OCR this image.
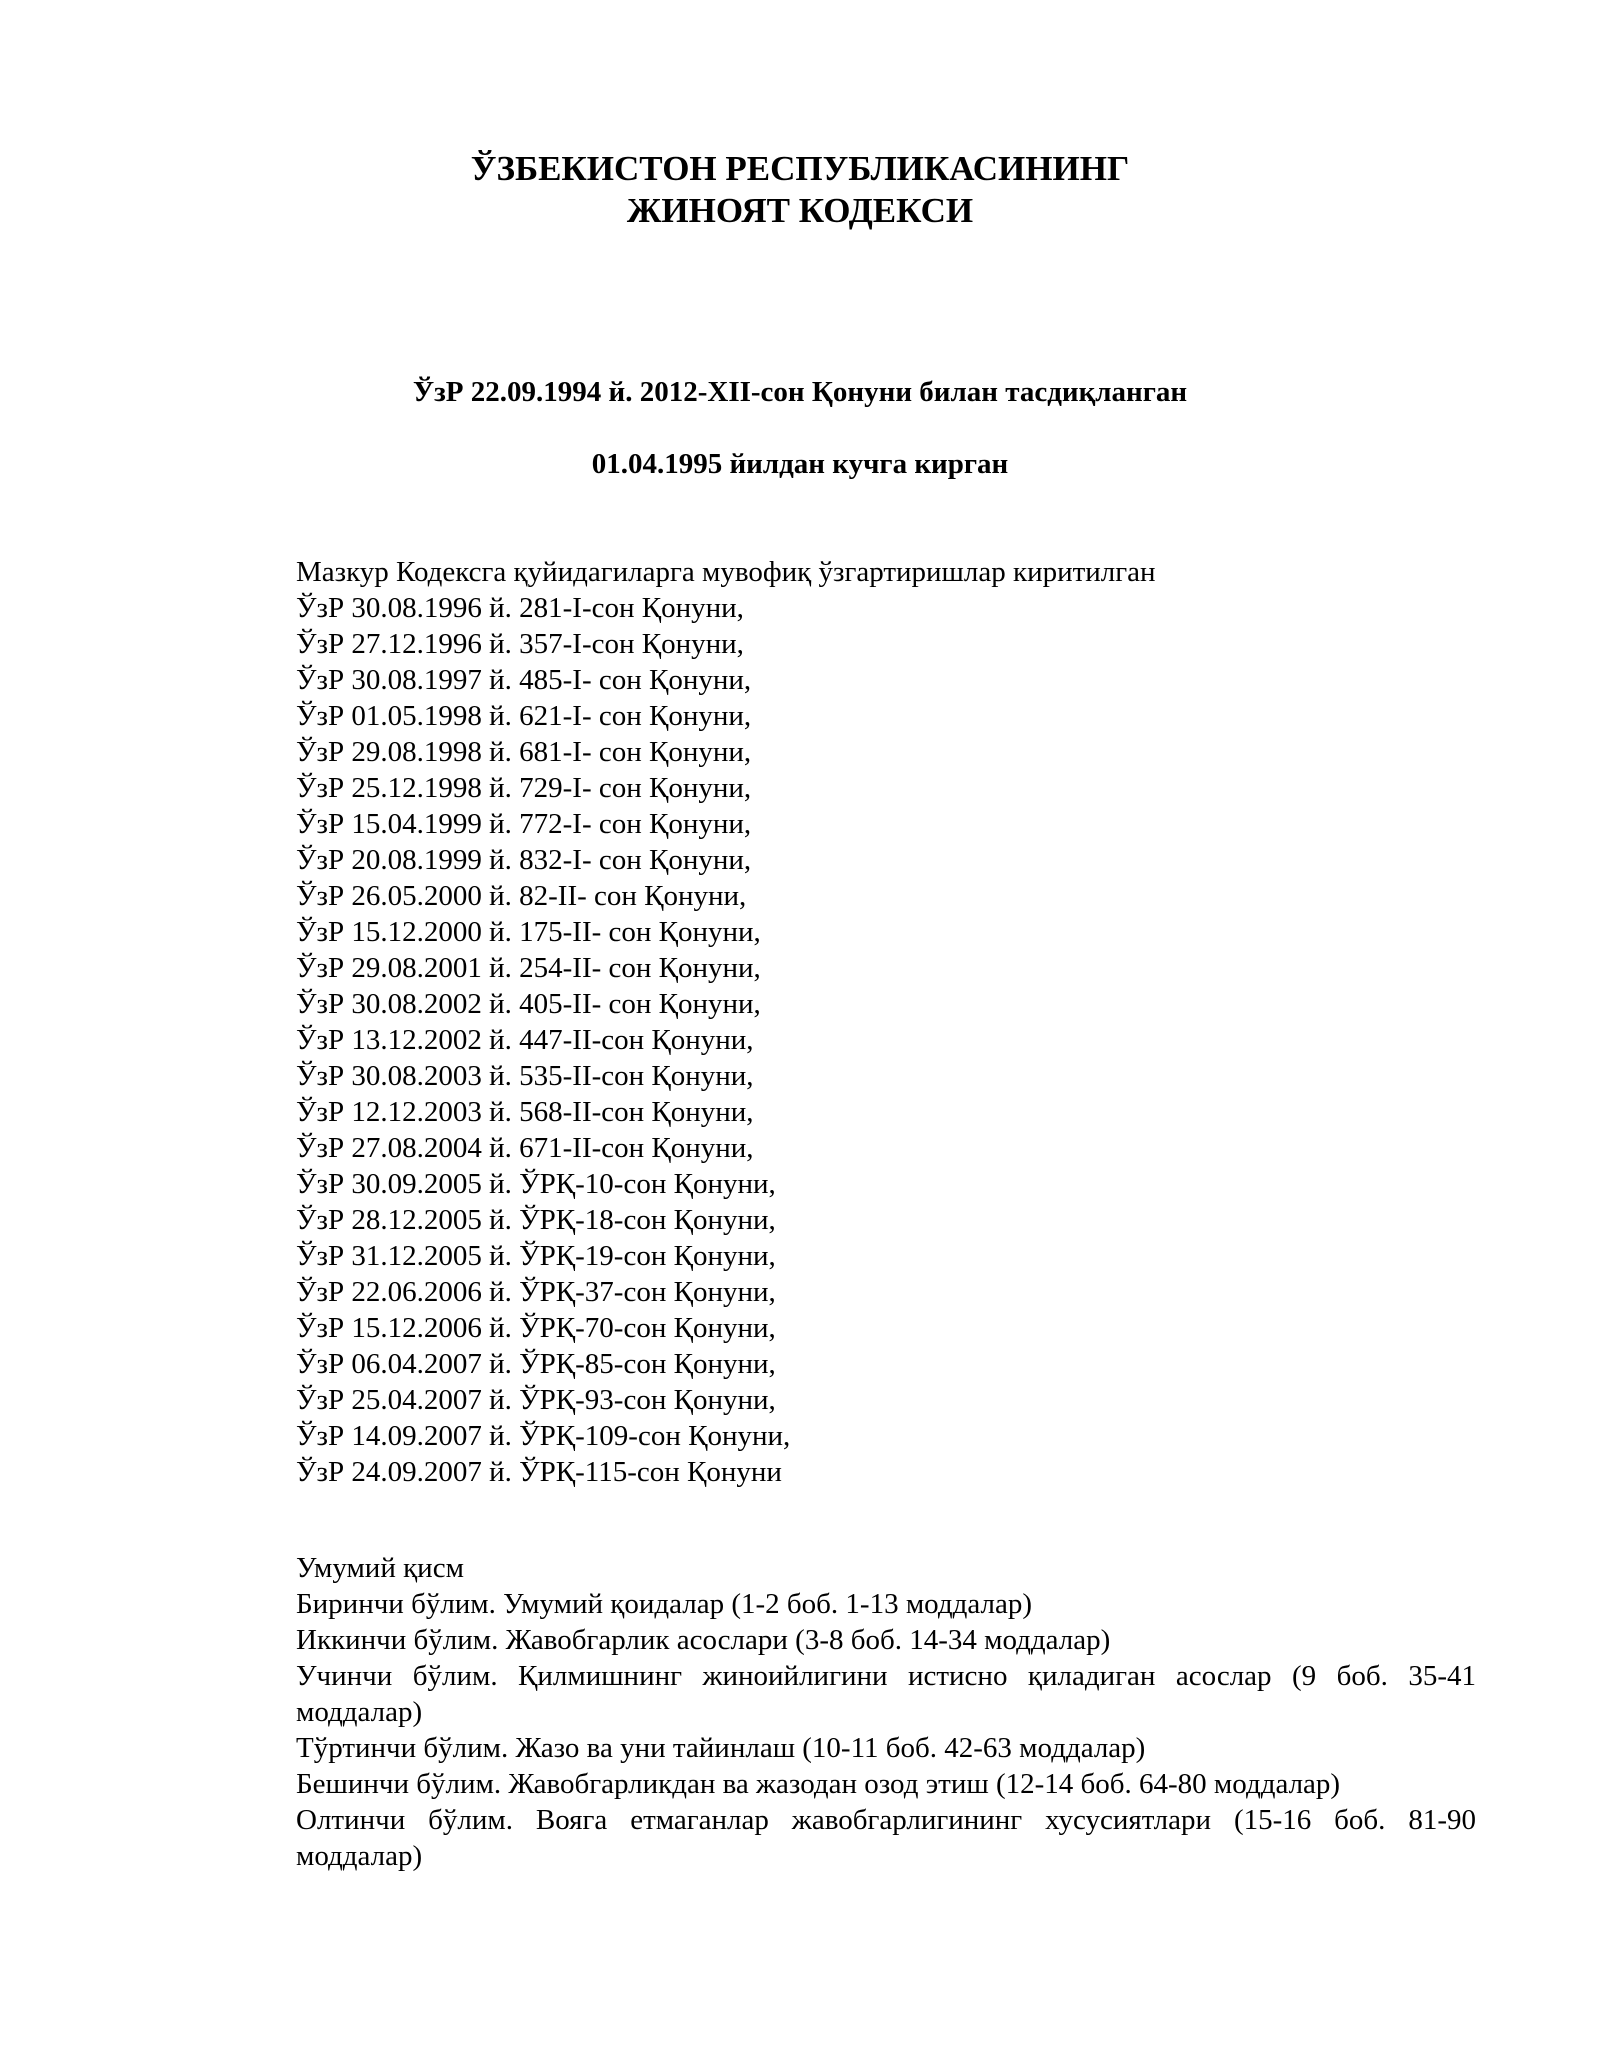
ЎЗБЕКИСТОН РЕСПУБЛИКАСИНИНГ
ЖИНОЯТ КОДЕКСИ
ЎзР 22.09.1994 й. 2012-XII-сон Қонуни билан тасдиқланган
01.04.1995 йилдан кучга кирган
Мазкур Кодексга қуйидагиларга мувофиқ ўзгартиришлар киритилган
ЎзР 30.08.1996 й. 281-I-сон Қонуни,
ЎзР 27.12.1996 й. 357-I-сон Қонуни,
ЎзР 30.08.1997 й. 485-I- сон Қонуни,
ЎзР 01.05.1998 й. 621-I- сон Қонуни,
ЎзР 29.08.1998 й. 681-I- сон Қонуни,
ЎзР 25.12.1998 й. 729-I- сон Қонуни,
ЎзР 15.04.1999 й. 772-I- сон Қонуни,
ЎзР 20.08.1999 й. 832-I- сон Қонуни,
ЎзР 26.05.2000 й. 82-II- сон Қонуни,
ЎзР 15.12.2000 й. 175-II- сон Қонуни,
ЎзР 29.08.2001 й. 254-II- сон Қонуни,
ЎзР 30.08.2002 й. 405-II- сон Қонуни,
ЎзР 13.12.2002 й. 447-II-сон Қонуни,
ЎзР 30.08.2003 й. 535-II-сон Қонуни,
ЎзР 12.12.2003 й. 568-II-сон Қонуни,
ЎзР 27.08.2004 й. 671-II-сон Қонуни,
ЎзР 30.09.2005 й. ЎРҚ-10-сон Қонуни,
ЎзР 28.12.2005 й. ЎРҚ-18-сон Қонуни,
ЎзР 31.12.2005 й. ЎРҚ-19-сон Қонуни,
ЎзР 22.06.2006 й. ЎРҚ-37-сон Қонуни,
ЎзР 15.12.2006 й. ЎРҚ-70-сон Қонуни,
ЎзР 06.04.2007 й. ЎРҚ-85-сон Қонуни,
ЎзР 25.04.2007 й. ЎРҚ-93-сон Қонуни,
ЎзР 14.09.2007 й. ЎРҚ-109-сон Қонуни,
ЎзР 24.09.2007 й. ЎРҚ-115-сон Қонуни
Умумий қисм
Биринчи бўлим. Умумий қоидалар (1-2 боб. 1-13 моддалар)
Иккинчи бўлим. Жавобгарлик асослари (3-8 боб. 14-34 моддалар)
Учинчи бўлим. Қилмишнинг жиноийлигини истисно қиладиган асослар (9 боб. 35-41 моддалар)
Тўртинчи бўлим. Жазо ва уни тайинлаш (10-11 боб. 42-63 моддалар)
Бешинчи бўлим. Жавобгарликдан ва жазодан озод этиш (12-14 боб. 64-80 моддалар)
Олтинчи бўлим. Вояга етмаганлар жавобгарлигининг хусусиятлари (15-16 боб. 81-90 моддалар)
